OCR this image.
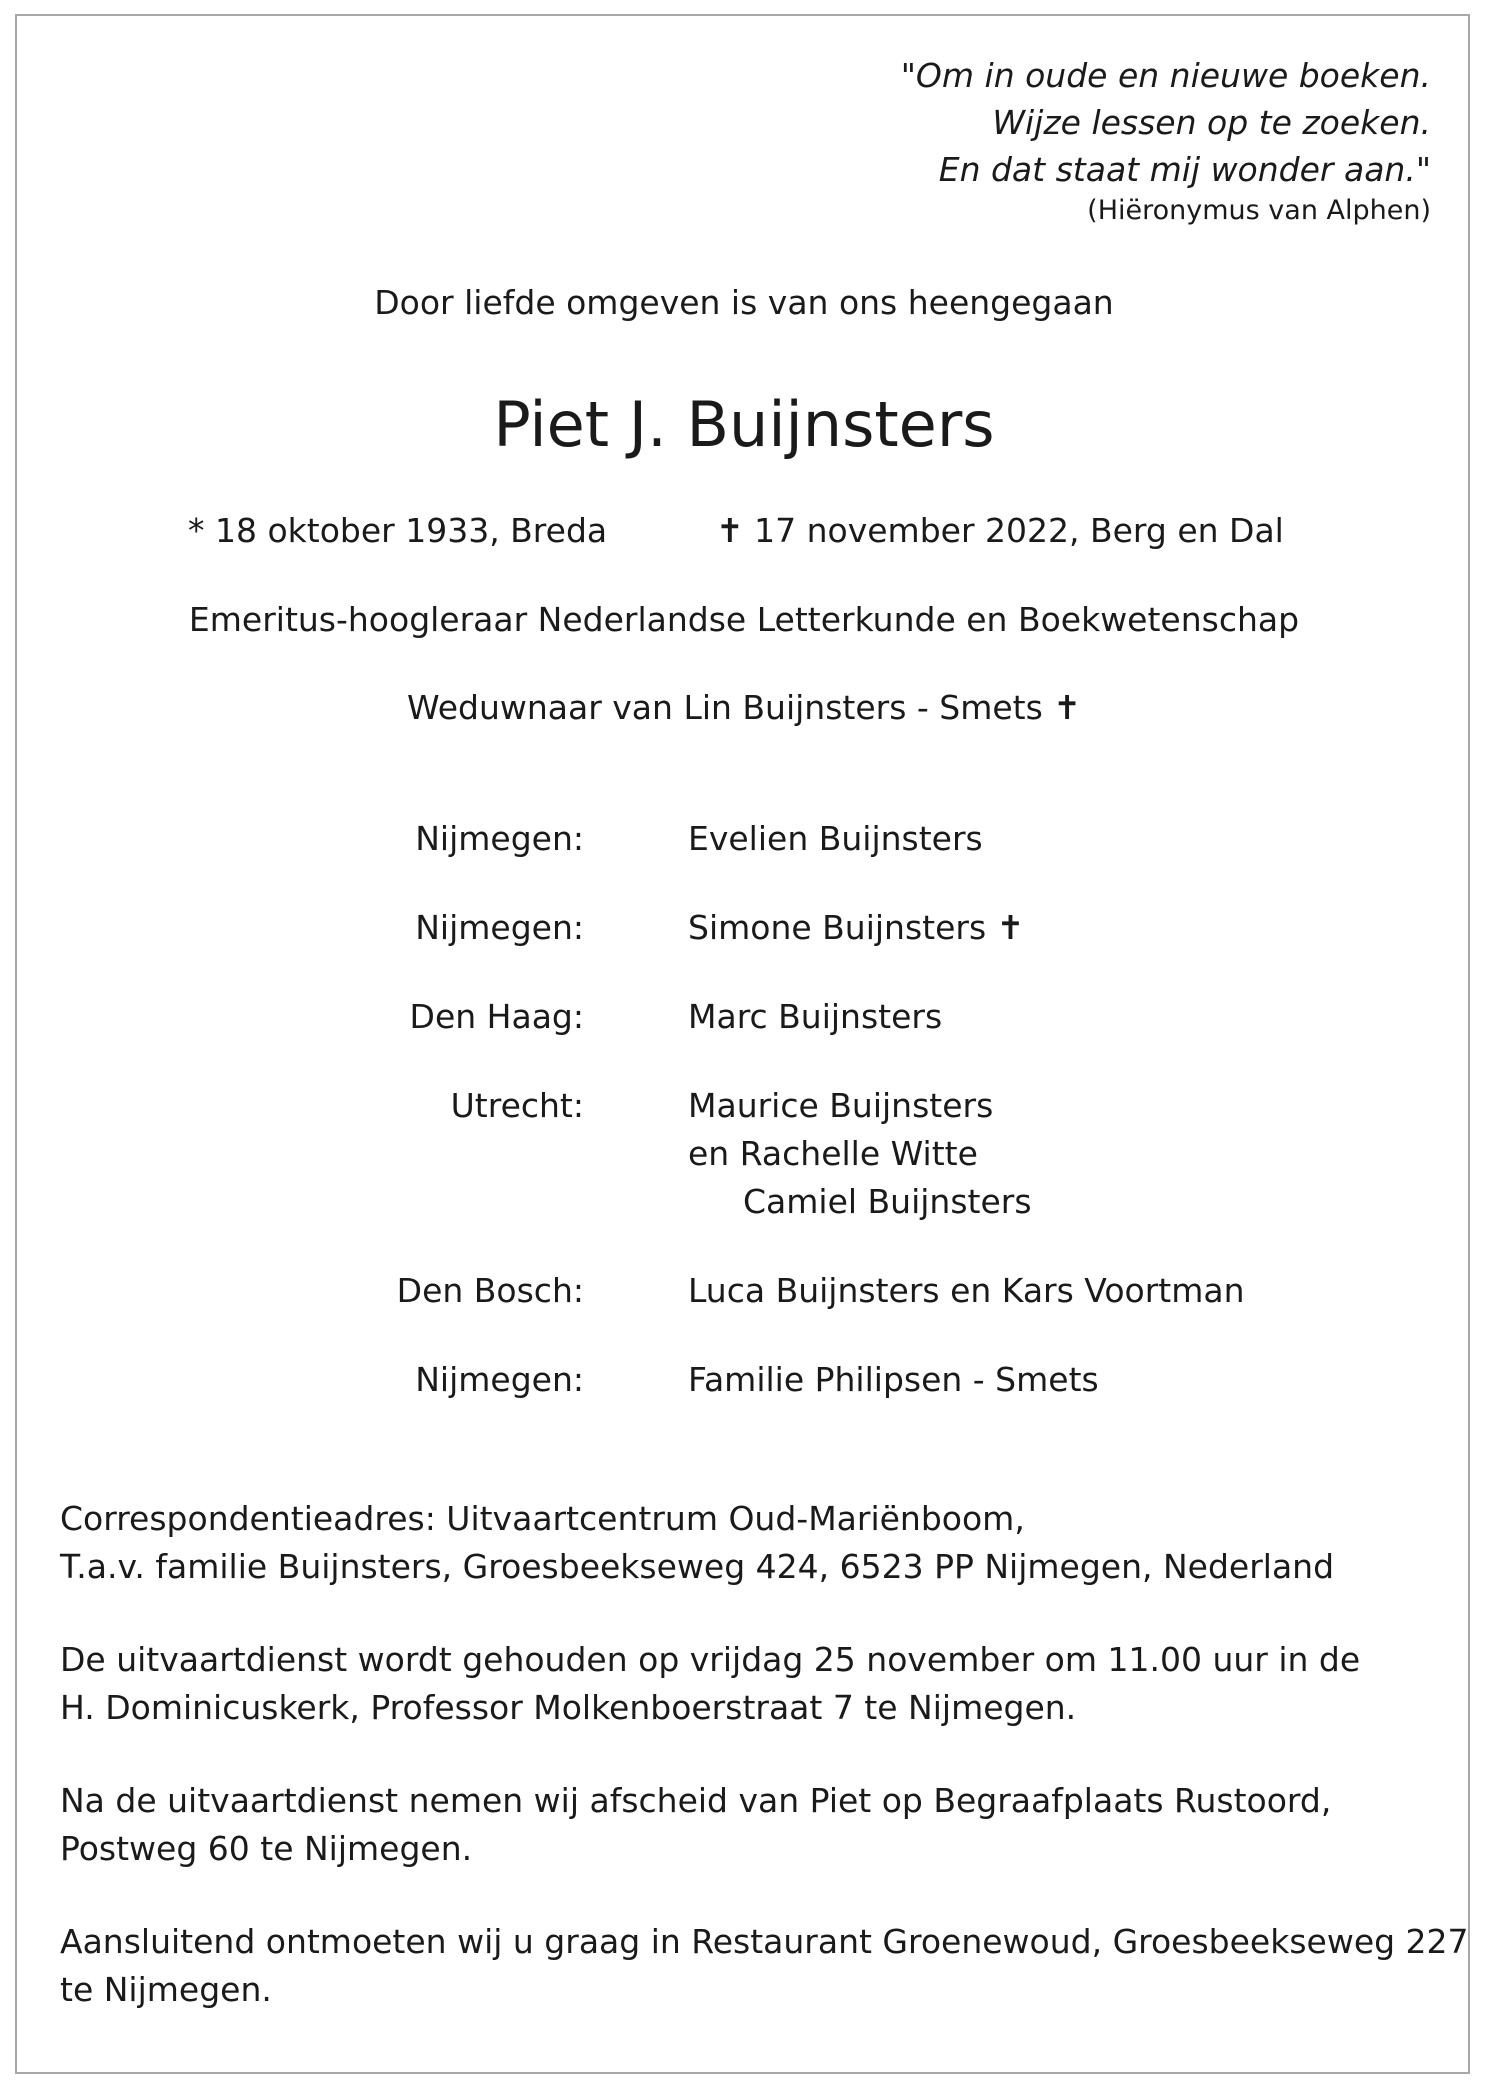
"Om in oude en nieuwe boeken.
Wijze lessen op te zoeken.
En dat staat mij wonder aan."
(Hiëronymus van Alphen)
Door liefde omgeven is van ons heengegaan
Piet J. Buijnsters
* 18 oktober 1933, Breda	✝ 17 november 2022, Berg en Dal
Emeritus-hoogleraar Nederlandse Letterkunde en Boekwetenschap
Weduwnaar van Lin Buijnsters - Smets ✝
Nijmegen:	Evelien Buijnsters
Nijmegen:	Simone Buijnsters ✝
Den Haag:	Marc Buijnsters
Utrecht:	Maurice Buijnsters
en Rachelle Witte
Camiel Buijnsters
Den Bosch:	Luca Buijnsters en Kars Voortman
Nijmegen:	Familie Philipsen - Smets
Correspondentieadres: Uitvaartcentrum Oud-Mariënboom,
T.a.v. familie Buijnsters, Groesbeekseweg 424, 6523 PP Nijmegen, Nederland
De uitvaartdienst wordt gehouden op vrijdag 25 november om 11.00 uur in de
H. Dominicuskerk, Professor Molkenboerstraat 7 te Nijmegen.
Na de uitvaartdienst nemen wij afscheid van Piet op Begraafplaats Rustoord,
Postweg 60 te Nijmegen.
Aansluitend ontmoeten wij u graag in Restaurant Groenewoud, Groesbeekseweg 227
te Nijmegen.
